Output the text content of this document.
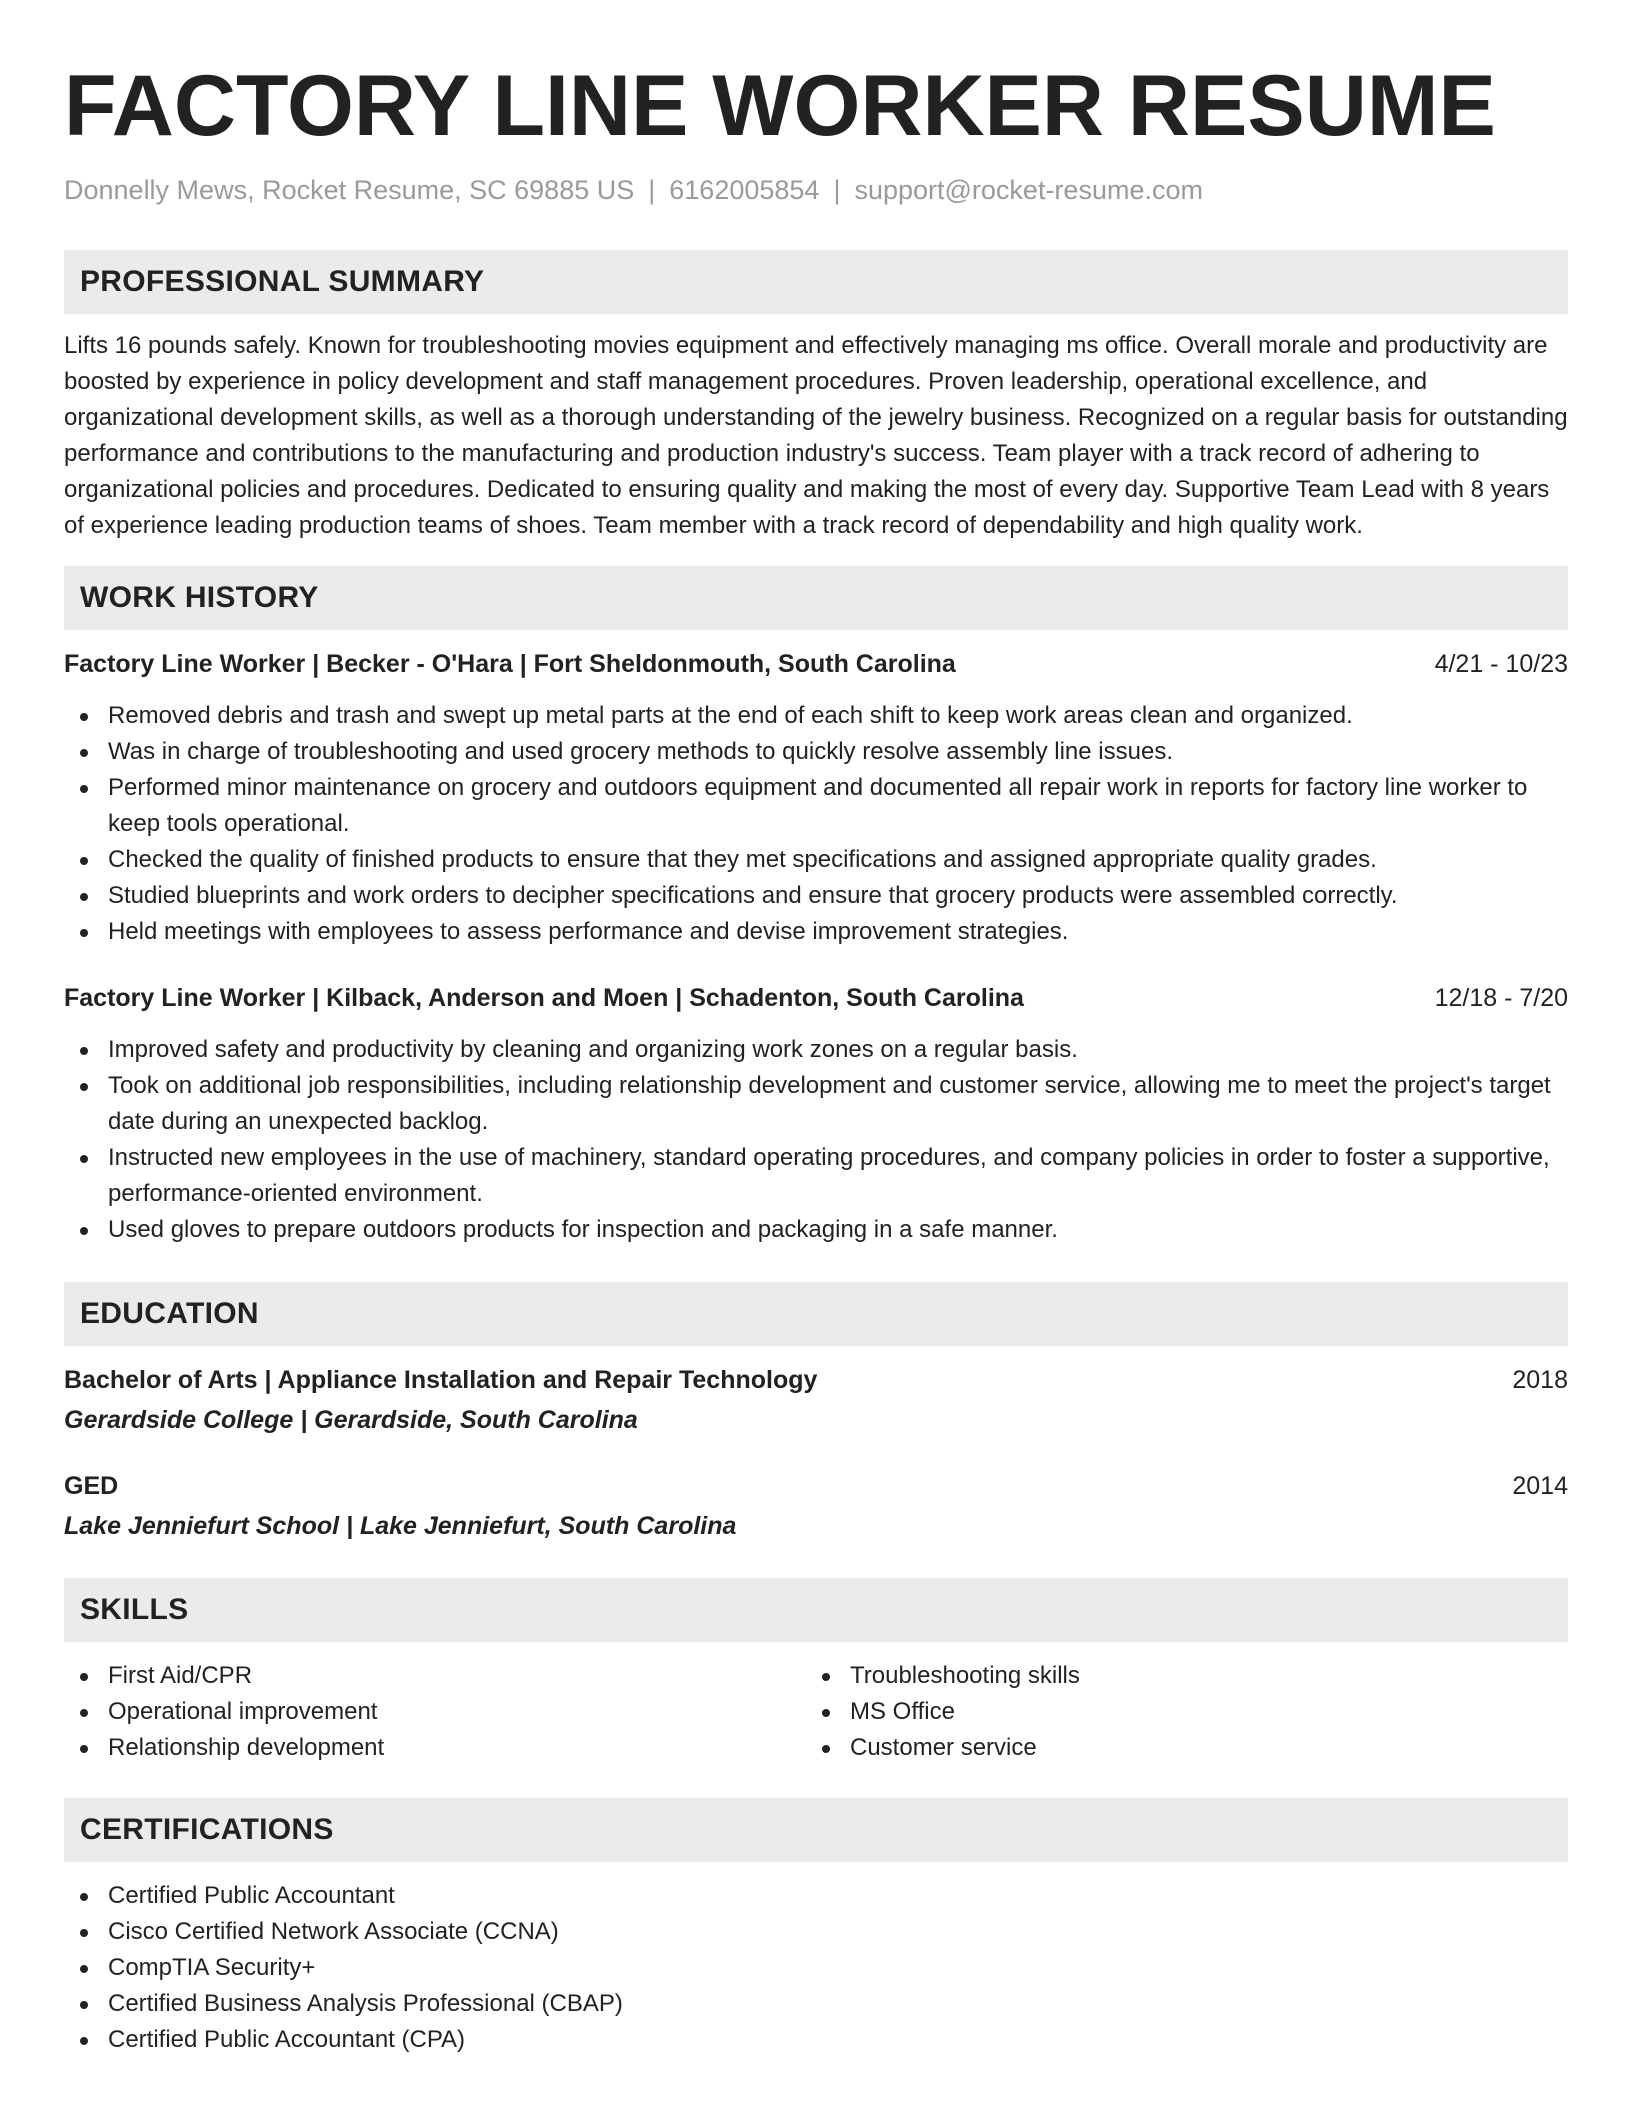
FACTORY LINE WORKER RESUME
Donnelly Mews, Rocket Resume, SC 69885 US | 6162005854 | support@rocket-resume.com
PROFESSIONAL SUMMARY

Lifts 16 pounds safely. Known for troubleshooting movies equipment and effectively managing ms office. Overall morale and productivity are boosted by experience in policy development and staff management procedures. Proven leadership, operational excellence, and organizational development skills, as well as a thorough understanding of the jewelry business. Recognized on a regular basis for outstanding performance and contributions to the manufacturing and production industry's success. Team player with a track record of adhering to organizational policies and procedures. Dedicated to ensuring quality and making the most of every day. Supportive Team Lead with 8 years of experience leading production teams of shoes. Team member with a track record of dependability and high quality work.

WORK HISTORY
Factory Line Worker | Becker - O'Hara | Fort Sheldonmouth, South Carolina	4/21 - 10/23
Removed debris and trash and swept up metal parts at the end of each shift to keep work areas clean and organized.
Was in charge of troubleshooting and used grocery methods to quickly resolve assembly line issues.
Performed minor maintenance on grocery and outdoors equipment and documented all repair work in reports for factory line worker to keep tools operational.
Checked the quality of finished products to ensure that they met specifications and assigned appropriate quality grades.
Studied blueprints and work orders to decipher specifications and ensure that grocery products were assembled correctly.
Held meetings with employees to assess performance and devise improvement strategies.
Factory Line Worker | Kilback, Anderson and Moen | Schadenton, South Carolina	12/18 - 7/20
Improved safety and productivity by cleaning and organizing work zones on a regular basis.
Took on additional job responsibilities, including relationship development and customer service, allowing me to meet the project's target date during an unexpected backlog.
Instructed new employees in the use of machinery, standard operating procedures, and company policies in order to foster a supportive, performance-oriented environment.
Used gloves to prepare outdoors products for inspection and packaging in a safe manner.
EDUCATION
Bachelor of Arts | Appliance Installation and Repair Technology	2018
Gerardside College | Gerardside, South Carolina
GED	2014
Lake Jenniefurt School | Lake Jenniefurt, South Carolina
SKILLS
First Aid/CPR
Operational improvement
Relationship development
Troubleshooting skills
MS Office
Customer service
CERTIFICATIONS
Certified Public Accountant
Cisco Certified Network Associate (CCNA)
CompTIA Security+
Certified Business Analysis Professional (CBAP)
Certified Public Accountant (CPA)
